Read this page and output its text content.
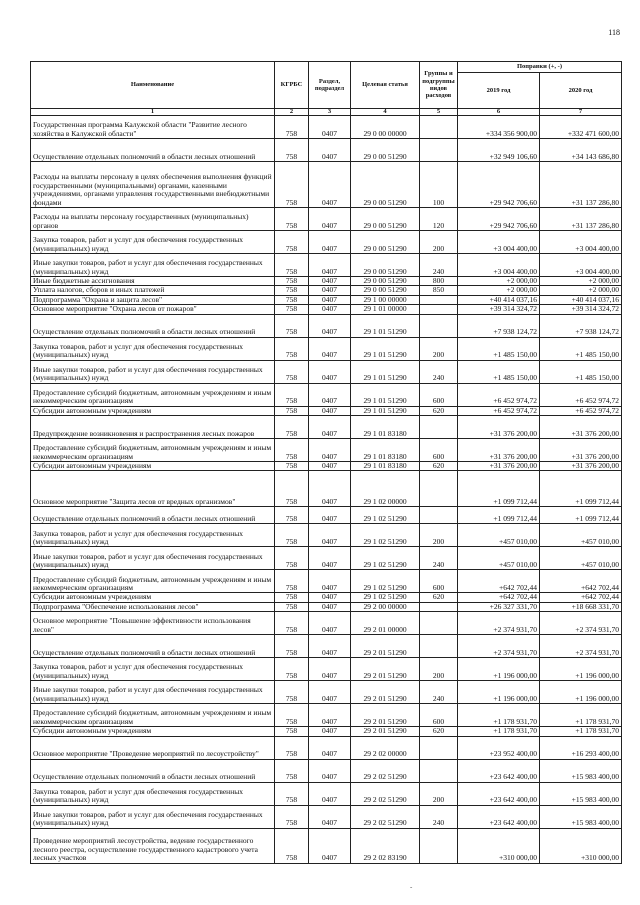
118
Наименование	КГРБС	Раздел, подраздел	Целевая статья	Группы и подгруппы видов расходов	Поправки (+, -)	
					2019 год	2020 год
1	2	3	4	5	6	7
Государственная программа Калужской области "Развитие лесного хозяйства в Калужской области"	758	0407	29 0 00 00000		+334 356 900,00	+332 471 600,00
Осуществление отдельных полномочий в области лесных отношений	758	0407	29 0 00 51290		+32 949 106,60	+34 143 686,80
Расходы на выплаты персоналу в целях обеспечения выполнения функций государственными (муниципальными) органами, казенными учреждениями, органами управления государственными внебюджетными фондами	758	0407	29 0 00 51290	100	+29 942 706,60	+31 137 286,80
Расходы на выплаты персоналу государственных (муниципальных) органов	758	0407	29 0 00 51290	120	+29 942 706,60	+31 137 286,80
Закупка товаров, работ и услуг для обеспечения государственных (муниципальных) нужд	758	0407	29 0 00 51290	200	+3 004 400,00	+3 004 400,00
Иные закупки товаров, работ и услуг для обеспечения государственных (муниципальных) нужд	758	0407	29 0 00 51290	240	+3 004 400,00	+3 004 400,00
Иные бюджетные ассигнования	758	0407	29 0 00 51290	800	+2 000,00	+2 000,00
Уплата налогов, сборов и иных платежей	758	0407	29 0 00 51290	850	+2 000,00	+2 000,00
Подпрограмма "Охрана и защита лесов"	758	0407	29 1 00 00000		+40 414 037,16	+40 414 037,16
Основное мероприятие "Охрана лесов от пожаров"	758	0407	29 1 01 00000		+39 314 324,72	+39 314 324,72
Осуществление отдельных полномочий в области лесных отношений	758	0407	29 1 01 51290		+7 938 124,72	+7 938 124,72
Закупка товаров, работ и услуг для обеспечения государственных (муниципальных) нужд	758	0407	29 1 01 51290	200	+1 485 150,00	+1 485 150,00
Иные закупки товаров, работ и услуг для обеспечения государственных (муниципальных) нужд	758	0407	29 1 01 51290	240	+1 485 150,00	+1 485 150,00
Предоставление субсидий бюджетным, автономным учреждениям и иным некоммерческим организациям	758	0407	29 1 01 51290	600	+6 452 974,72	+6 452 974,72
Субсидии автономным учреждениям	758	0407	29 1 01 51290	620	+6 452 974,72	+6 452 974,72
Предупреждение возникновения и распространения лесных пожаров	758	0407	29 1 01 83180		+31 376 200,00	+31 376 200,00
Предоставление субсидий бюджетным, автономным учреждениям и иным некоммерческим организациям	758	0407	29 1 01 83180	600	+31 376 200,00	+31 376 200,00
Субсидии автономным учреждениям	758	0407	29 1 01 83180	620	+31 376 200,00	+31 376 200,00
Основное мероприятие "Защита лесов от вредных организмов"	758	0407	29 1 02 00000		+1 099 712,44	+1 099 712,44
Осуществление отдельных полномочий в области лесных отношений	758	0407	29 1 02 51290		+1 099 712,44	+1 099 712,44
Закупка товаров, работ и услуг для обеспечения государственных (муниципальных) нужд	758	0407	29 1 02 51290	200	+457 010,00	+457 010,00
Иные закупки товаров, работ и услуг для обеспечения государственных (муниципальных) нужд	758	0407	29 1 02 51290	240	+457 010,00	+457 010,00
Предоставление субсидий бюджетным, автономным учреждениям и иным некоммерческим организациям	758	0407	29 1 02 51290	600	+642 702,44	+642 702,44
Субсидии автономным учреждениям	758	0407	29 1 02 51290	620	+642 702,44	+642 702,44
Подпрограмма "Обеспечение использования лесов"	758	0407	29 2 00 00000		+26 327 331,70	+18 668 331,70
Основное мероприятие "Повышение эффективности использования лесов"	758	0407	29 2 01 00000		+2 374 931,70	+2 374 931,70
Осуществление отдельных полномочий в области лесных отношений	758	0407	29 2 01 51290		+2 374 931,70	+2 374 931,70
Закупка товаров, работ и услуг для обеспечения государственных (муниципальных) нужд	758	0407	29 2 01 51290	200	+1 196 000,00	+1 196 000,00
Иные закупки товаров, работ и услуг для обеспечения государственных (муниципальных) нужд	758	0407	29 2 01 51290	240	+1 196 000,00	+1 196 000,00
Предоставление субсидий бюджетным, автономным учреждениям и иным некоммерческим организациям	758	0407	29 2 01 51290	600	+1 178 931,70	+1 178 931,70
Субсидии автономным учреждениям	758	0407	29 2 01 51290	620	+1 178 931,70	+1 178 931,70
Основное мероприятие "Проведение мероприятий по лесоустройству"	758	0407	29 2 02 00000		+23 952 400,00	+16 293 400,00
Осуществление отдельных полномочий в области лесных отношений	758	0407	29 2 02 51290		+23 642 400,00	+15 983 400,00
Закупка товаров, работ и услуг для обеспечения государственных (муниципальных) нужд	758	0407	29 2 02 51290	200	+23 642 400,00	+15 983 400,00
Иные закупки товаров, работ и услуг для обеспечения государственных (муниципальных) нужд	758	0407	29 2 02 51290	240	+23 642 400,00	+15 983 400,00
Проведение мероприятий лесоустройства, ведение государственного лесного реестра, осуществление государственного кадастрового учета лесных участков	758	0407	29 2 02 83190		+310 000,00	+310 000,00
-
